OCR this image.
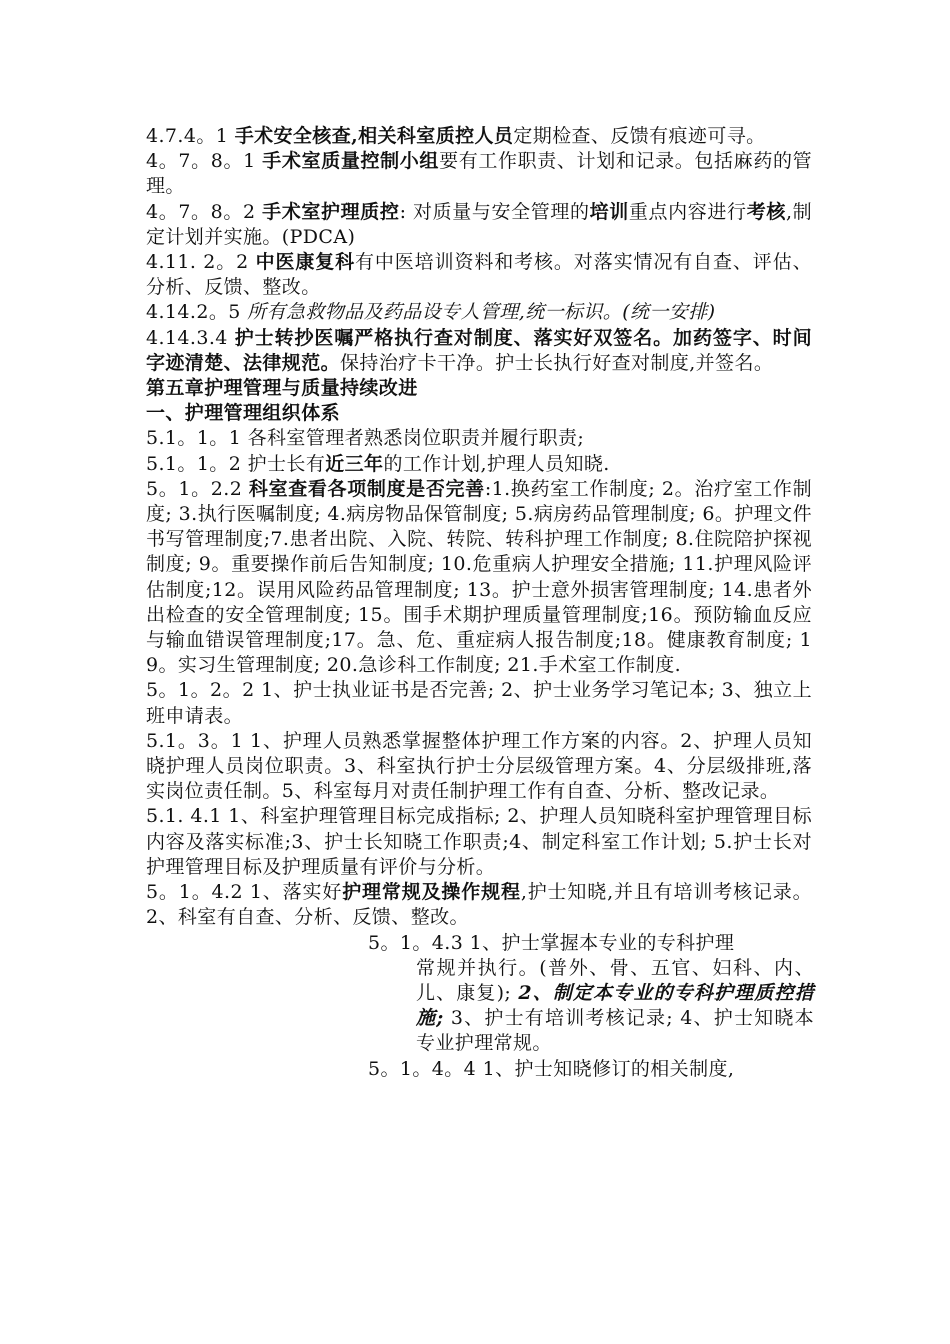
4.7.4。1 手术安全核查,相关科室质控人员定期检查、反馈有痕迹可寻。
4。7。8。1 手术室质量控制小组要有工作职责、计划和记录。包括麻药的管理。
4。7。8。2 手术室护理质控: 对质量与安全管理的培训重点内容进行考核,制定计划并实施。(PDCA)
4.11. 2。2 中医康复科有中医培训资料和考核。对落实情况有自查、评估、分析、反馈、整改。
4.14.2。5 所有急救物品及药品设专人管理,统一标识。(统一安排)
4.14.3.4 护士转抄医嘱严格执行查对制度、落实好双签名。加药签字、时间字迹清楚、法律规范。保持治疗卡干净。护士长执行好查对制度,并签名。
第五章护理管理与质量持续改进
一、护理管理组织体系
5.1。1。1 各科室管理者熟悉岗位职责并履行职责;
5.1。1。2 护士长有近三年的工作计划,护理人员知晓.
5。1。2.2 科室查看各项制度是否完善:1.换药室工作制度; 2。治疗室工作制度; 3.执行医嘱制度; 4.病房物品保管制度; 5.病房药品管理制度; 6。护理文件书写管理制度;7.患者出院、入院、转院、转科护理工作制度; 8.住院陪护探视制度; 9。重要操作前后告知制度; 10.危重病人护理安全措施; 11.护理风险评估制度;12。误用风险药品管理制度; 13。护士意外损害管理制度; 14.患者外出检查的安全管理制度; 15。围手术期护理质量管理制度;16。预防输血反应与输血错误管理制度;17。急、危、重症病人报告制度;18。健康教育制度; 19。实习生管理制度; 20.急诊科工作制度; 21.手术室工作制度.
5。1。2。2 1、护士执业证书是否完善; 2、护士业务学习笔记本; 3、独立上班申请表。
5.1。3。1 1、护理人员熟悉掌握整体护理工作方案的内容。2、护理人员知晓护理人员岗位职责。3、科室执行护士分层级管理方案。4、分层级排班,落实岗位责任制。5、科室每月对责任制护理工作有自查、分析、整改记录。
5.1. 4.1 1、科室护理管理目标完成指标; 2、护理人员知晓科室护理管理目标内容及落实标准;3、护士长知晓工作职责;4、制定科室工作计划; 5.护士长对护理管理目标及护理质量有评价与分析。
5。1。4.2 1、落实好护理常规及操作规程,护士知晓,并且有培训考核记录。2、科室有自查、分析、反馈、整改。
5。1。4.3 1、护士掌握本专业的专科护理
常规并执行。(普外、骨、五官、妇科、内、儿、康复); 2、制定本专业的专科护理质控措施; 3、护士有培训考核记录; 4、护士知晓本专业护理常规。
5。1。4。4 1、护士知晓修订的相关制度,
